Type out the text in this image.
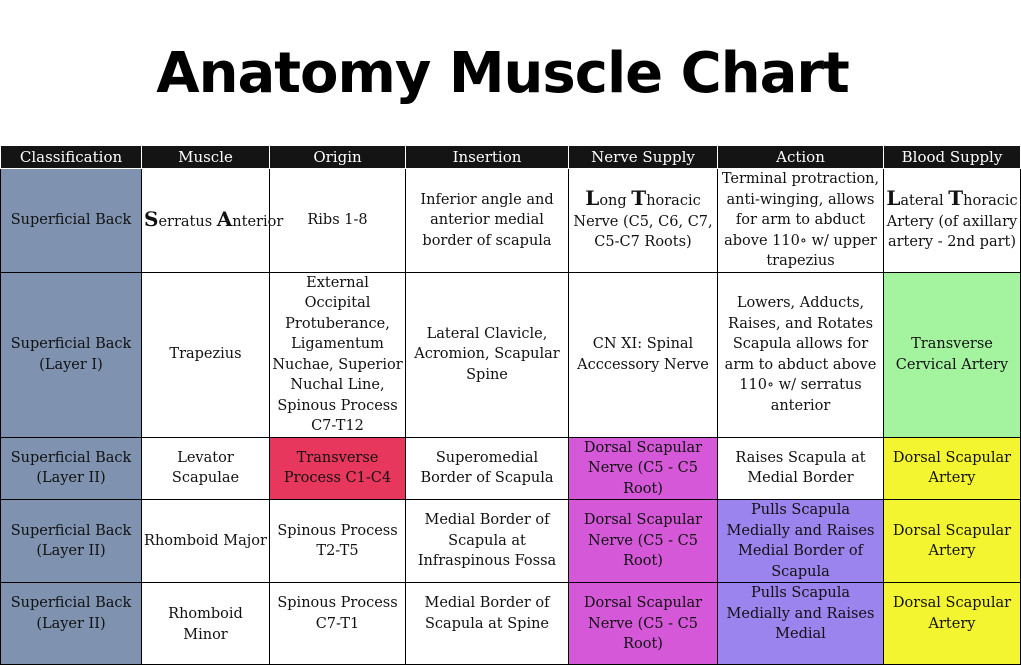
Anatomy Muscle Chart
Classification	Muscle	Origin	Insertion	Nerve Supply	Action	Blood Supply
Superficial Back	Serratus Anterior	Ribs 1-8	Inferior angle and anterior medial border of scapula	Long Thoracic Nerve (C5, C6, C7, C5-C7 Roots)	Terminal protraction, anti-winging, allows for arm to abduct above 110∘ w/ upper trapezius	Lateral Thoracic Artery (of axillary artery - 2nd part)
Superficial Back (Layer I)	Trapezius	External Occipital Protuberance, Ligamentum Nuchae, Superior Nuchal Line, Spinous Process C7-T12	Lateral Clavicle, Acromion, Scapular Spine	CN XI: Spinal Acccessory Nerve	Lowers, Adducts, Raises, and Rotates Scapula allows for arm to abduct above 110∘ w/ serratus anterior	Transverse Cervical Artery
Superficial Back (Layer II)	Levator Scapulae	Transverse Process C1-C4	Superomedial Border of Scapula	Dorsal Scapular Nerve (C5 - C5 Root)	Raises Scapula at Medial Border	Dorsal Scapular Artery
Superficial Back (Layer II)	Rhomboid Major	Spinous Process T2-T5	Medial Border of Scapula at Infraspinous Fossa	Dorsal Scapular Nerve (C5 - C5 Root)	Pulls Scapula Medially and Raises Medial Border of Scapula	Dorsal Scapular Artery
Superficial Back (Layer II)	Rhomboid Minor	Spinous Process C7-T1	Medial Border of Scapula at Spine	Dorsal Scapular Nerve (C5 - C5 Root)	Pulls Scapula Medially and Raises Medial	Dorsal Scapular Artery
